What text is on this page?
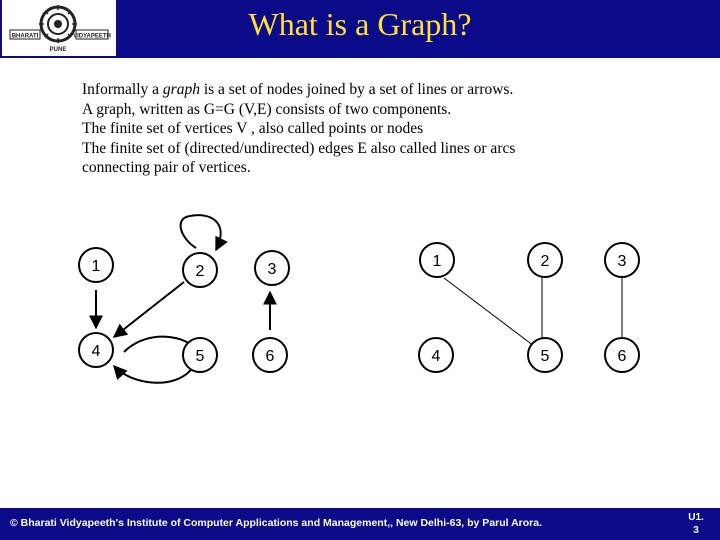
BHARATI	VIDYAPEETH
PUNE
What is a Graph?
Informally a graph is a set of nodes joined by a set of lines or arrows.
A graph, written as G=G (V,E) consists of two components.
The finite set of vertices V , also called points or nodes
The finite set of (directed/undirected) edges E also called lines or arcs
connecting pair of vertices.
1	2	3
4	5	6
1	2	3
4	5	6
© Bharati Vidyapeeth's Institute of Computer Applications and Management,, New Delhi-63, by Parul Arora.	U1.
3
